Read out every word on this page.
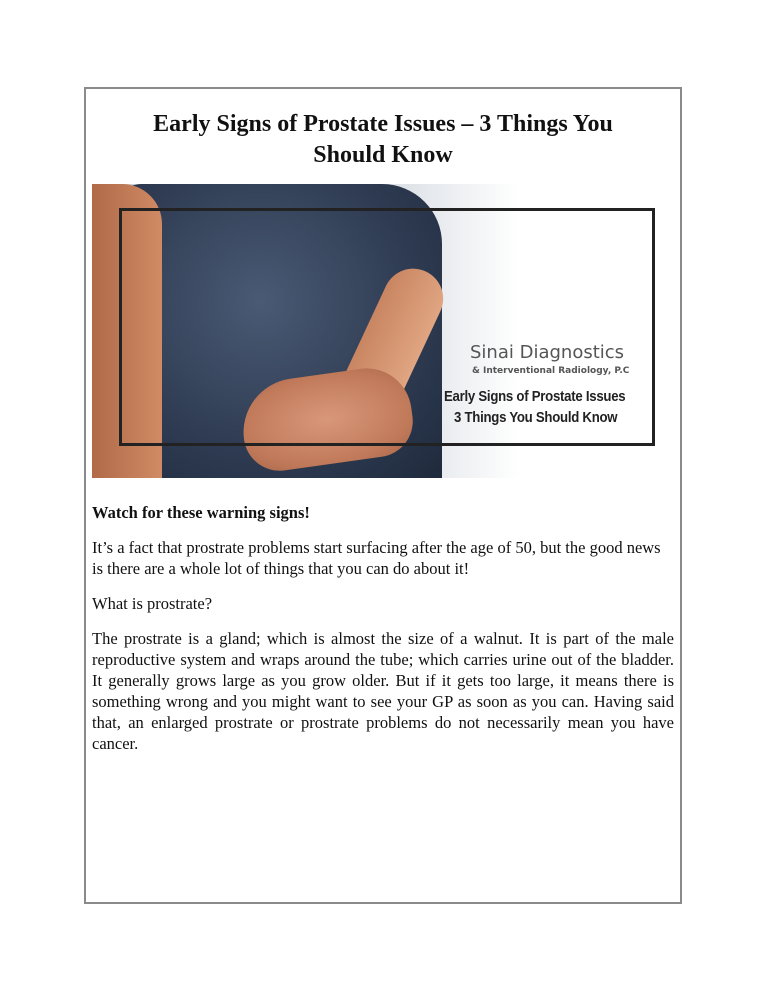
Early Signs of Prostate Issues – 3 Things You Should Know
Sinai Diagnostics
& Interventional Radiology, P.C
Early Signs of Prostate Issues
3 Things You Should Know

Watch for these warning signs!

It’s a fact that prostrate problems start surfacing after the age of 50, but the good news is there are a whole lot of things that you can do about it!

What is prostrate?

The prostrate is a gland; which is almost the size of a walnut. It is part of the male reproductive system and wraps around the tube; which carries urine out of the bladder. It generally grows large as you grow older. But if it gets too large, it means there is something wrong and you might want to see your GP as soon as you can. Having said that, an enlarged prostrate or prostrate problems do not necessarily mean you have cancer.
